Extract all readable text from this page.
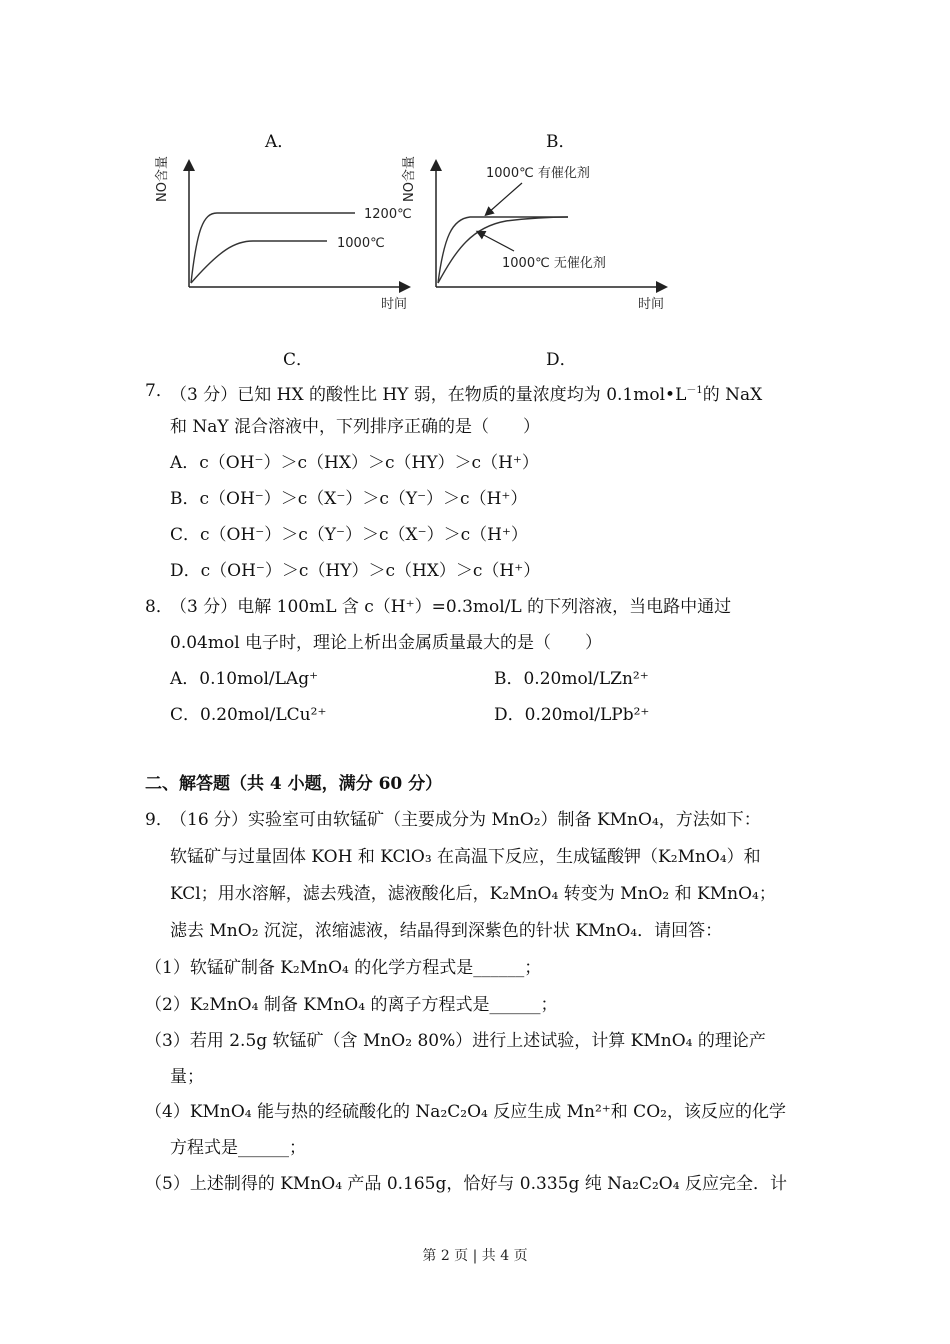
A．	B．
NO含量
时间
1200℃
1000℃
NO含量
时间
1000℃ 有催化剂
1000℃ 无催化剂
C．	D．
7．
（3 分）已知 HX 的酸性比 HY 弱，在物质的量浓度均为 $0.1mol•L^{-1}$的 NaX
和 NaY 混合溶液中，下列排序正确的是（　　）
A．c（OH⁻）＞c（HX）＞c（HY）＞c（H⁺）
B．c（OH⁻）＞c（X⁻）＞c（Y⁻）＞c（H⁺）
C．c（OH⁻）＞c（Y⁻）＞c（X⁻）＞c（H⁺）
D．c（OH⁻）＞c（HY）＞c（HX）＞c（H⁺）
8．
（3 分）电解 100mL 含 c（H⁺）=0.3mol/L 的下列溶液，当电路中通过
0.04mol 电子时，理论上析出金属质量最大的是（　　）
A．0.10mol/LAg⁺	B．0.20mol/LZn²⁺
C．0.20mol/LCu²⁺	D．0.20mol/LPb²⁺
二、解答题（共 4 小题，满分 60 分）
9．
（16 分）实验室可由软锰矿（主要成分为 MnO₂）制备 KMnO₄，方法如下：
软锰矿与过量固体 KOH 和 KClO₃ 在高温下反应，生成锰酸钾（K₂MnO₄）和
KCl；用水溶解，滤去残渣，滤液酸化后，K₂MnO₄ 转变为 MnO₂ 和 KMnO₄；
滤去 MnO₂ 沉淀，浓缩滤液，结晶得到深紫色的针状 KMnO₄．请回答：
（1）软锰矿制备 K₂MnO₄ 的化学方程式是______；
（2）K₂MnO₄ 制备 KMnO₄ 的离子方程式是______；
（3）若用 2.5g 软锰矿（含 MnO₂ 80%）进行上述试验，计算 KMnO₄ 的理论产
量；
（4）KMnO₄ 能与热的经硫酸化的 Na₂C₂O₄ 反应生成 Mn²⁺和 CO₂，该反应的化学
方程式是______；
（5）上述制得的 KMnO₄ 产品 0.165g，恰好与 0.335g 纯 Na₂C₂O₄ 反应完全．计
第 2 页 | 共 4 页
